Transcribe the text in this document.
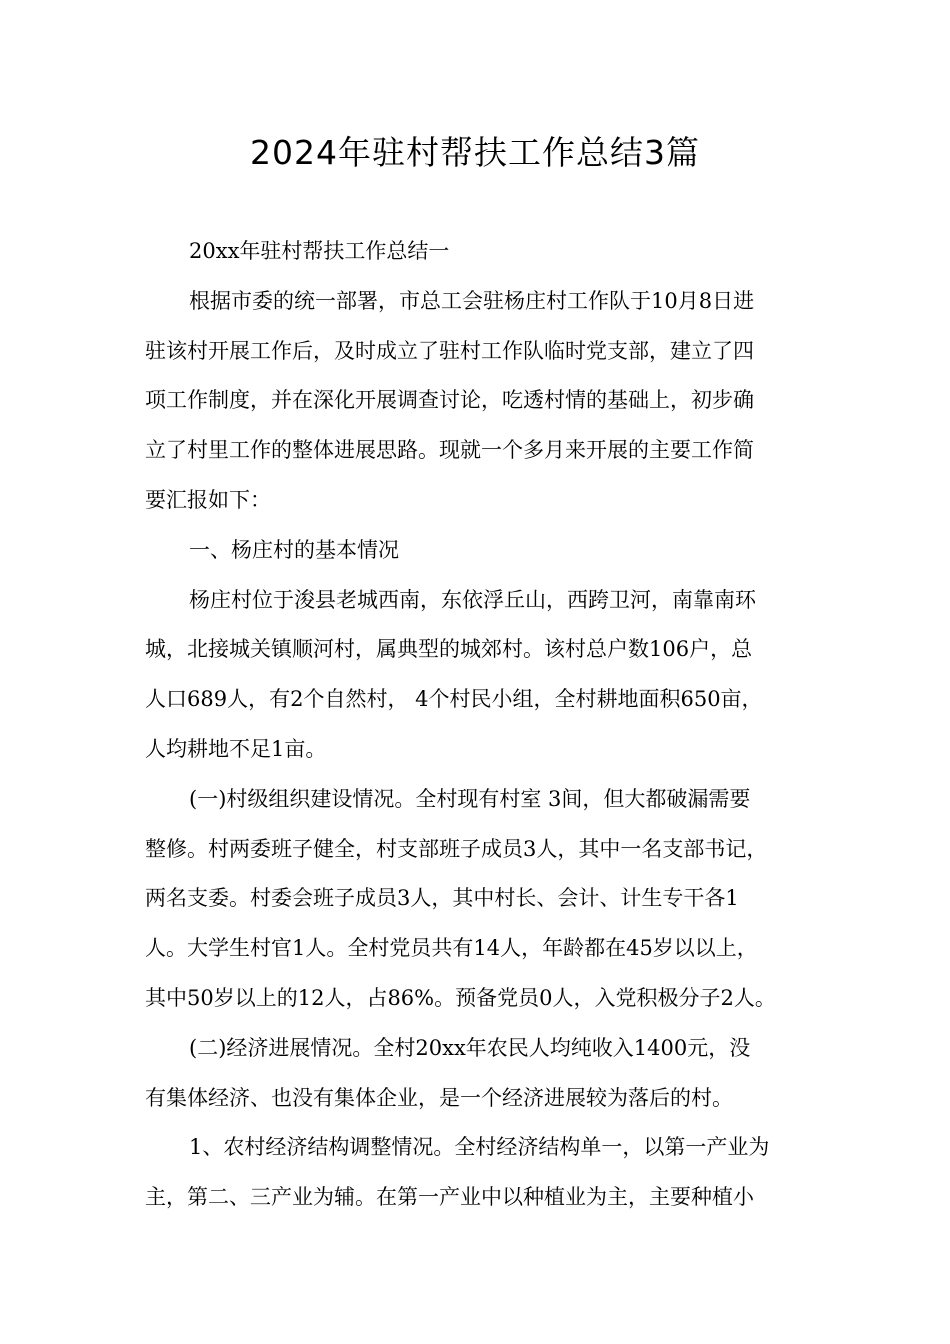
2024年驻村帮扶工作总结3篇
20xx年驻村帮扶工作总结一
根据市委的统一部署，市总工会驻杨庄村工作队于10月8日进
驻该村开展工作后，及时成立了驻村工作队临时党支部，建立了四
项工作制度，并在深化开展调查讨论，吃透村情的基础上，初步确
立了村里工作的整体进展思路。现就一个多月来开展的主要工作简
要汇报如下：
一、杨庄村的基本情况
杨庄村位于浚县老城西南，东依浮丘山，西跨卫河，南靠南环
城，北接城关镇顺河村，属典型的城郊村。该村总户数106户，总
人口689人，有2个自然村， 4个村民小组，全村耕地面积650亩，
人均耕地不足1亩。
(一)村级组织建设情况。全村现有村室 3间，但大都破漏需要
整修。村两委班子健全，村支部班子成员3人，其中一名支部书记，
两名支委。村委会班子成员3人，其中村长、会计、计生专干各1
人。大学生村官1人。全村党员共有14人，年龄都在45岁以以上，
其中50岁以上的12人，占86%。预备党员0人，入党积极分子2人。
(二)经济进展情况。全村20xx年农民人均纯收入1400元，没
有集体经济、也没有集体企业，是一个经济进展较为落后的村。
1、农村经济结构调整情况。全村经济结构单一，以第一产业为
主，第二、三产业为辅。在第一产业中以种植业为主，主要种植小
